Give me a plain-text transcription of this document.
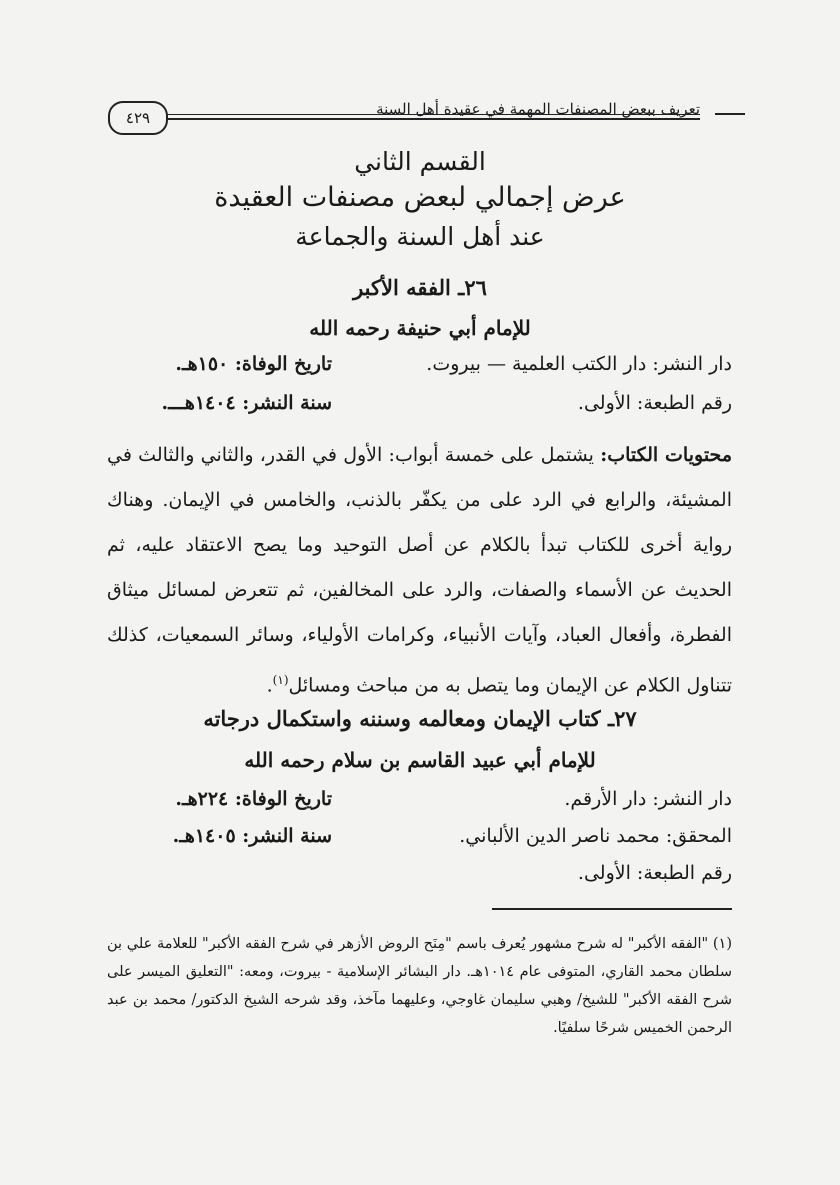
تعريف ببعض المصنفات المهمة في عقيدة أهل السنة
٤٢٩
القسم الثاني
عرض إجمالي لبعض مصنفات العقيدة
عند أهل السنة والجماعة
٢٦ـ الفقه الأكبر
للإمام أبي حنيفة رحمه الله
دار النشر: دار الكتب العلمية — بيروت.
تاريخ الوفاة: ١٥٠هـ.
رقم الطبعة: الأولى.
سنة النشر: ١٤٠٤هـــ.
محتويات الكتاب: يشتمل على خمسة أبواب: الأول في القدر، والثاني والثالث في المشيئة، والرابع في الرد على من يكفّر بالذنب، والخامس في الإيمان. وهناك رواية أخرى للكتاب تبدأ بالكلام عن أصل التوحيد وما يصح الاعتقاد عليه، ثم الحديث عن الأسماء والصفات، والرد على المخالفين، ثم تتعرض لمسائل ميثاق الفطرة، وأفعال العباد، وآيات الأنبياء، وكرامات الأولياء، وسائر السمعيات، كذلك تتناول الكلام عن الإيمان وما يتصل به من مباحث ومسائل$^{(١)}$.
٢٧ـ كتاب الإيمان ومعالمه وسننه واستكمال درجاته
للإمام أبي عبيد القاسم بن سلام رحمه الله
دار النشر: دار الأرقم.
تاريخ الوفاة: ٢٢٤هـ.
المحقق: محمد ناصر الدين الألباني.
سنة النشر: ١٤٠٥هـ.
رقم الطبعة: الأولى.
(١) "الفقه الأكبر" له شرح مشهور يُعرف باسم "مِنَح الروض الأزهر في شرح الفقه الأكبر" للعلامة علي بن سلطان محمد القاري، المتوفى عام ١٠١٤هـ. دار البشائر الإسلامية - بيروت، ومعه: "التعليق الميسر على شرح الفقه الأكبر" للشيخ/ وهبي سليمان غاوجي، وعليهما مآخذ، وقد شرحه الشيخ الدكتور/ محمد بن عبد الرحمن الخميس شرحًا سلفيًا.
